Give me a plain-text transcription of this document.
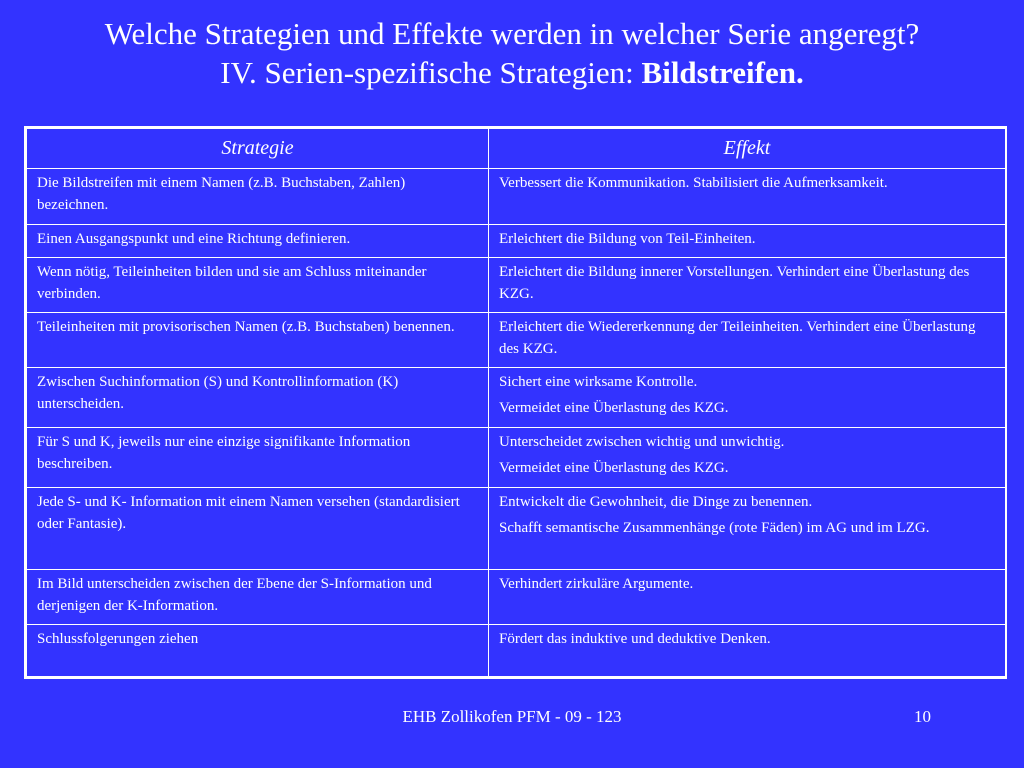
Welche Strategien und Effekte werden in welcher Serie angeregt?
IV. Serien-spezifische Strategien: Bildstreifen.
Strategie	Effekt
Die Bildstreifen mit einem Namen (z.B. Buchstaben, Zahlen) bezeichnen.	Verbessert die Kommunikation. Stabilisiert die Aufmerksamkeit.

Einen Ausgangspunkt und eine Richtung definieren.	Erleichtert die Bildung von Teil-Einheiten.

Wenn nötig, Teileinheiten bilden und sie am Schluss miteinander verbinden.	Erleichtert die Bildung innerer Vorstellungen. Verhindert eine Überlastung des KZG.

Teileinheiten mit provisorischen Namen (z.B. Buchstaben) benennen.	Erleichtert die Wiedererkennung der Teileinheiten. Verhindert eine Überlastung des KZG.

Zwischen Suchinformation (S) und Kontrollinformation (K) unterscheiden.	Sichert eine wirksame Kontrolle.

Vermeidet eine Überlastung des KZG.

Für S und K, jeweils nur eine einzige signifikante Information beschreiben.	Unterscheidet zwischen wichtig und unwichtig.

Vermeidet eine Überlastung des KZG.

Jede S- und K- Information mit einem Namen versehen (standardisiert oder Fantasie).	Entwickelt die Gewohnheit, die Dinge zu benennen.

Schafft semantische Zusammenhänge (rote Fäden) im AG und im LZG.

Im Bild unterscheiden zwischen der Ebene der S-Information und derjenigen der K-Information.	Verhindert zirkuläre Argumente.

Schlussfolgerungen ziehen	Fördert das induktive und deduktive Denken.

EHB Zollikofen PFM - 09 - 123	10
